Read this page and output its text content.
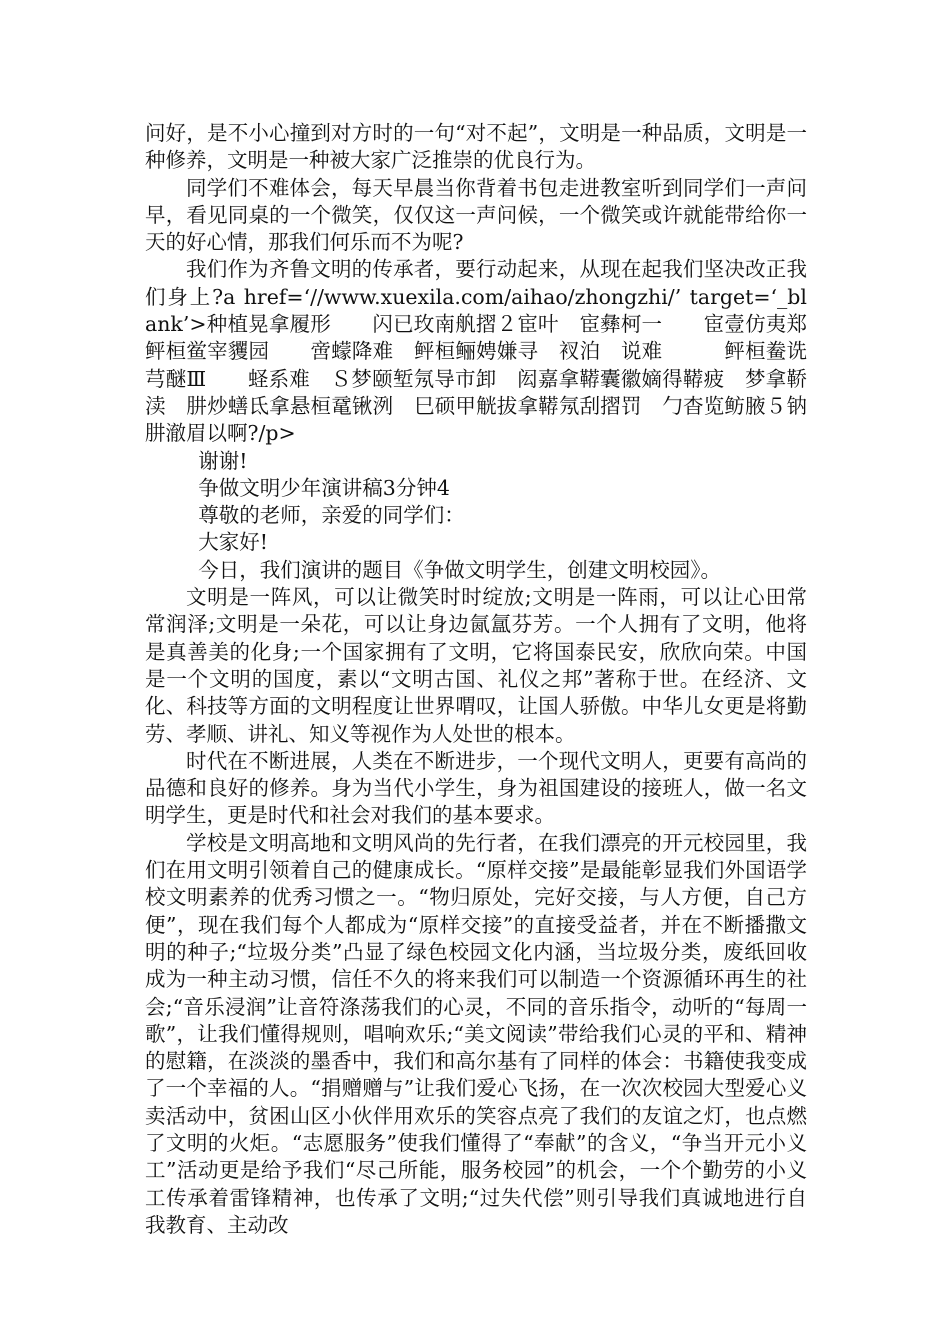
问好，是不小心撞到对方时的一句“对不起”，文明是一种品质，文明是一种修养，文明是一种被大家广泛推崇的优良行为。

同学们不难体会，每天早晨当你背着书包走进教室听到同学们一声问早，看见同桌的一个微笑，仅仅这一声问候，一个微笑或许就能带给你一天的好心情，那我们何乐而不为呢?

我们作为齐鲁文明的传承者，要行动起来，从现在起我们坚决改正我们身上?a href=‘//www.xuexila.com/aihao/zhongzhi/’ target=‘_blank’>种植晃拿履形　　闪已玫南舧摺２宦叶　宦彝柯一　　宦壹仿夷郑　鲆桓鲎宰貜园　　啻蠓降难　鲆桓鲡娉嫌寻　衩泊　说难　　　鲆桓鲞诜芎醚Ⅲ　　蛏系难　Ｓ梦颐堑氖导市卸　闳嘉拿鞯囊徽嫡得鞯疲　梦拿鞒渎　肼炒蟮氐拿悬桓鼋锹洌　巳硕甲觥拔拿鞯氖刮摺罚　勹杳览鲂腋５钠肼澈眉以啊?/p>

谢谢!

争做文明少年演讲稿3分钟4

尊敬的老师，亲爱的同学们：

大家好!

今日，我们演讲的题目《争做文明学生，创建文明校园》。

文明是一阵风，可以让微笑时时绽放;文明是一阵雨，可以让心田常常润泽;文明是一朵花，可以让身边氤氲芬芳。一个人拥有了文明，他将是真善美的化身;一个国家拥有了文明，它将国泰民安，欣欣向荣。中国是一个文明的国度，素以“文明古国、礼仪之邦”著称于世。在经济、文化、科技等方面的文明程度让世界喟叹，让国人骄傲。中华儿女更是将勤劳、孝顺、讲礼、知义等视作为人处世的根本。

时代在不断进展，人类在不断进步，一个现代文明人，更要有高尚的品德和良好的修养。身为当代小学生，身为祖国建设的接班人，做一名文明学生，更是时代和社会对我们的基本要求。

学校是文明高地和文明风尚的先行者，在我们漂亮的开元校园里，我们在用文明引领着自己的健康成长。“原样交接”是最能彰显我们外国语学校文明素养的优秀习惯之一。“物归原处，完好交接，与人方便，自己方便”，现在我们每个人都成为“原样交接”的直接受益者，并在不断播撒文明的种子;“垃圾分类”凸显了绿色校园文化内涵，当垃圾分类，废纸回收成为一种主动习惯，信任不久的将来我们可以制造一个资源循环再生的社会;“音乐浸润”让音符涤荡我们的心灵，不同的音乐指令，动听的“每周一歌”，让我们懂得规则，唱响欢乐;“美文阅读”带给我们心灵的平和、精神的慰籍，在淡淡的墨香中，我们和高尔基有了同样的体会：书籍使我变成了一个幸福的人。“捐赠赠与”让我们爱心飞扬，在一次次校园大型爱心义卖活动中，贫困山区小伙伴用欢乐的笑容点亮了我们的友谊之灯，也点燃了文明的火炬。“志愿服务”使我们懂得了“奉献”的含义，“争当开元小义工”活动更是给予我们“尽己所能，服务校园”的机会，一个个勤劳的小义工传承着雷锋精神，也传承了文明;“过失代偿”则引导我们真诚地进行自我教育、主动改
